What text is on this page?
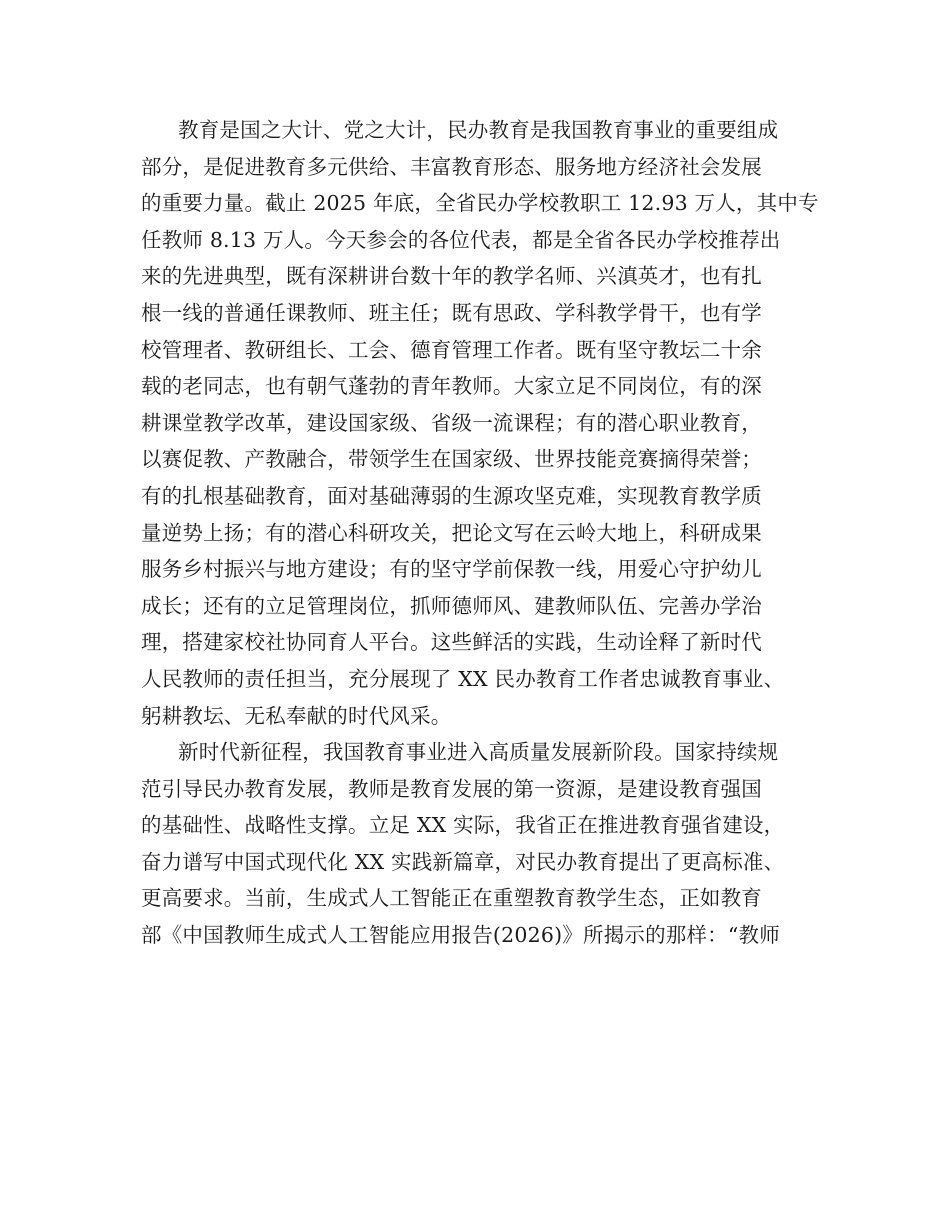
教育是国之大计、党之大计，民办教育是我国教育事业的重要组成
部分，是促进教育多元供给、丰富教育形态、服务地方经济社会发展
的重要力量。截止 2025 年底，全省民办学校教职工 12.93 万人，其中专
任教师 8.13 万人。今天参会的各位代表，都是全省各民办学校推荐出
来的先进典型，既有深耕讲台数十年的教学名师、兴滇英才，也有扎
根一线的普通任课教师、班主任；既有思政、学科教学骨干，也有学
校管理者、教研组长、工会、德育管理工作者。既有坚守教坛二十余
载的老同志，也有朝气蓬勃的青年教师。大家立足不同岗位，有的深
耕课堂教学改革，建设国家级、省级一流课程；有的潜心职业教育，
以赛促教、产教融合，带领学生在国家级、世界技能竞赛摘得荣誉；
有的扎根基础教育，面对基础薄弱的生源攻坚克难，实现教育教学质
量逆势上扬；有的潜心科研攻关，把论文写在云岭大地上，科研成果
服务乡村振兴与地方建设；有的坚守学前保教一线，用爱心守护幼儿
成长；还有的立足管理岗位，抓师德师风、建教师队伍、完善办学治
理，搭建家校社协同育人平台。这些鲜活的实践，生动诠释了新时代
人民教师的责任担当，充分展现了 XX 民办教育工作者忠诚教育事业、
躬耕教坛、无私奉献的时代风采。
新时代新征程，我国教育事业进入高质量发展新阶段。国家持续规
范引导民办教育发展，教师是教育发展的第一资源，是建设教育强国
的基础性、战略性支撑。立足 XX 实际，我省正在推进教育强省建设，
奋力谱写中国式现代化 XX 实践新篇章，对民办教育提出了更高标准、
更高要求。当前，生成式人工智能正在重塑教育教学生态，正如教育
部《中国教师生成式人工智能应用报告(2026)》所揭示的那样：“教师
